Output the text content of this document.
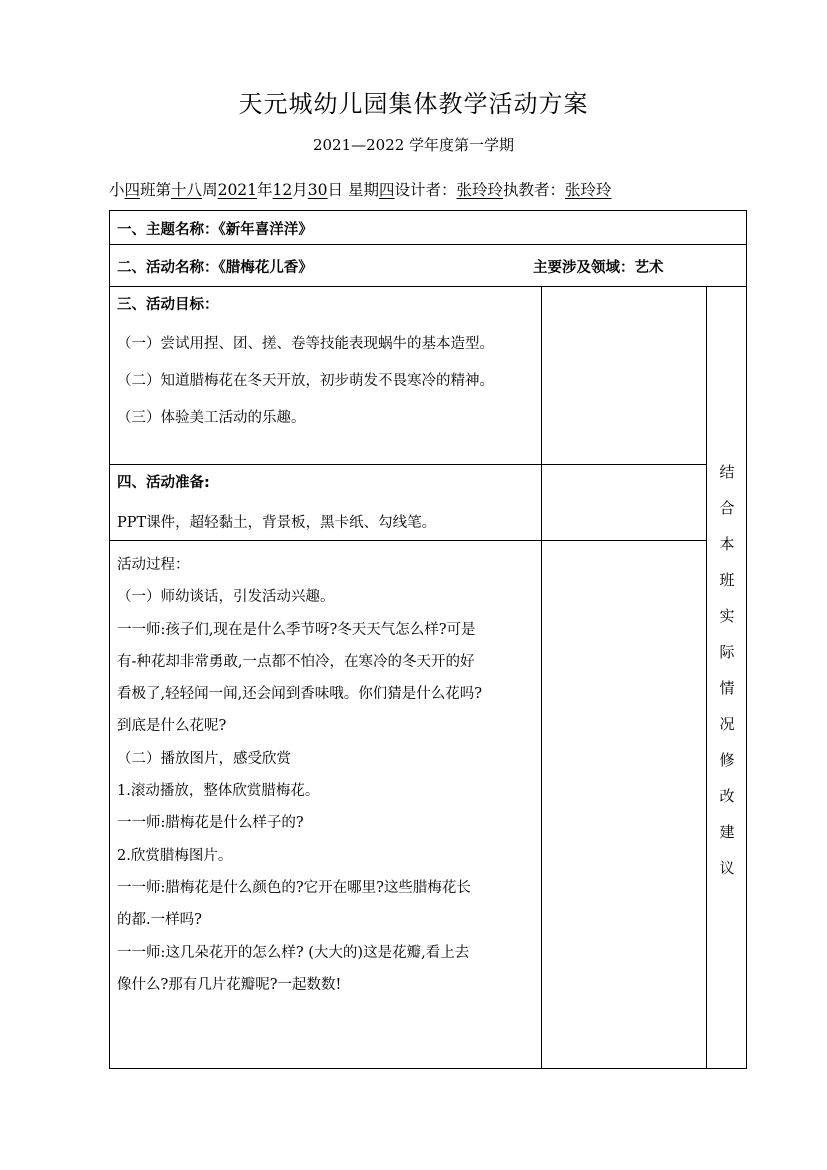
天元城幼儿园集体教学活动方案
2021—2022 学年度第一学期
小四班第十八周2021年12月30日 星期四设计者：张玲玲执教者：张玲玲
一、主题名称：《新年喜洋洋》
二、活动名称：《腊梅花儿香》	主要涉及领域：艺术
三、活动目标：
（一）尝试用捏、团、搓、卷等技能表现蜗牛的基本造型。
（二）知道腊梅花在冬天开放，初步萌发不畏寒冷的精神。
（三）体验美工活动的乐趣。
四、活动准备:
PPT课件，超轻黏土，背景板，黑卡纸、勾线笔。
活动过程：
（一）师幼谈话，引发活动兴趣。
一一师:孩子们,现在是什么季节呀?冬天天气怎么样?可是
有-种花却非常勇敢,一点都不怕冷，在寒冷的冬天开的好
看极了,轻轻闻一闻,还会闻到香味哦。你们猜是什么花吗?
到底是什么花呢?
（二）播放图片，感受欣赏
1.滚动播放，整体欣赏腊梅花。
一一师:腊梅花是什么样子的?
2.欣赏腊梅图片。
一一师:腊梅花是什么颜色的?它开在哪里?这些腊梅花长
的都.一样吗?
一一师:这几朵花开的怎么样? (大大的)这是花瓣,看上去
像什么?那有几片花瓣呢?一起数数!
结
合
本
班
实
际
情
况
修
改
建
议
